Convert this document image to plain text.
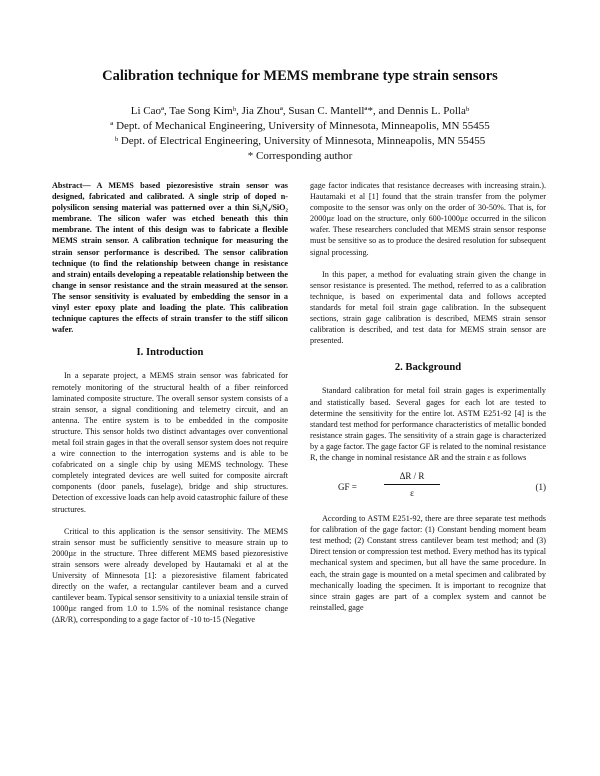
Calibration technique for MEMS membrane type strain sensors
Li Caoª, Tae Song Kimᵇ, Jia Zhouª, Susan C. Mantellª*, and Dennis L. Pollaᵇ
ª Dept. of Mechanical Engineering, University of Minnesota, Minneapolis, MN 55455
ᵇ Dept. of Electrical Engineering, University of Minnesota, Minneapolis, MN 55455
* Corresponding author

Abstract— A MEMS based piezoresistive strain sensor was designed, fabricated and calibrated. A single strip of doped n-polysilicon sensing material was patterned over a thin Si₃N₄/SiO₂ membrane. The silicon wafer was etched beneath this thin membrane. The intent of this design was to fabricate a flexible MEMS strain sensor. A calibration technique for measuring the strain sensor performance is described. The sensor calibration technique (to find the relationship between change in resistance and strain) entails developing a repeatable relationship between the change in sensor resistance and the strain measured at the sensor. The sensor sensitivity is evaluated by embedding the sensor in a vinyl ester epoxy plate and loading the plate. This calibration technique captures the effects of strain transfer to the stiff silicon wafer.

I. Introduction

In a separate project, a MEMS strain sensor was fabricated for remotely monitoring of the structural health of a fiber reinforced laminated composite structure. The overall sensor system consists of a strain sensor, a signal conditioning and telemetry circuit, and an antenna. The entire system is to be embedded in the composite structure. This sensor holds two distinct advantages over conventional metal foil strain gages in that the overall sensor system does not require a wire connection to the interrogation systems and is able to be cofabricated on a single chip by using MEMS technology. These completely integrated devices are well suited for composite aircraft components (door panels, fuselage), bridge and ship structures. Detection of excessive loads can help avoid catastrophic failure of these structures.

Critical to this application is the sensor sensitivity. The MEMS strain sensor must be sufficiently sensitive to measure strain up to 2000µε in the structure. Three different MEMS based piezoresistive strain sensors were already developed by Hautamaki et al at the University of Minnesota [1]: a piezoresistive filament fabricated directly on the wafer, a rectangular cantilever beam and a curved cantilever beam. Typical sensor sensitivity to a uniaxial tensile strain of 1000µε ranged from 1.0 to 1.5% of the nominal resistance change (ΔR/R), corresponding to a gage factor of -10 to-15 (Negative

gage factor indicates that resistance decreases with increasing strain.). Hautamaki et al [1] found that the strain transfer from the polymer composite to the sensor was only on the order of 30-50%. That is, for 2000µε load on the structure, only 600-1000µε occurred in the silicon wafer. These researchers concluded that MEMS strain sensor response must be sensitive so as to produce the desired resolution for subsequent signal processing.

In this paper, a method for evaluating strain given the change in sensor resistance is presented. The method, referred to as a calibration technique, is based on experimental data and follows accepted standards for metal foil strain gage calibration. In the subsequent sections, strain gage calibration is described, MEMS strain sensor calibration is described, and test data for MEMS strain sensor are presented.

2. Background

Standard calibration for metal foil strain gages is experimentally and statistically based. Several gages for each lot are tested to determine the sensitivity for the entire lot. ASTM E251-92 [4] is the standard test method for performance characteristics of metallic bonded resistance strain gages. The sensitivity of a strain gage is characterized by a gage factor. The gage factor GF is related to the nominal resistance R, the change in nominal resistance ΔR and the strain ε as follows

GF =	$\frac{\Delta R / R}{\varepsilon}$	(1)

According to ASTM E251-92, there are three separate test methods for calibration of the gage factor: (1) Constant bending moment beam test method; (2) Constant stress cantilever beam test method; and (3) Direct tension or compression test method. Every method has its typical mechanical system and specimen, but all have the same procedure. In each, the strain gage is mounted on a metal specimen and calibrated by mechanically loading the specimen. It is important to recognize that since strain gages are part of a complex system and cannot be reinstalled, gage
